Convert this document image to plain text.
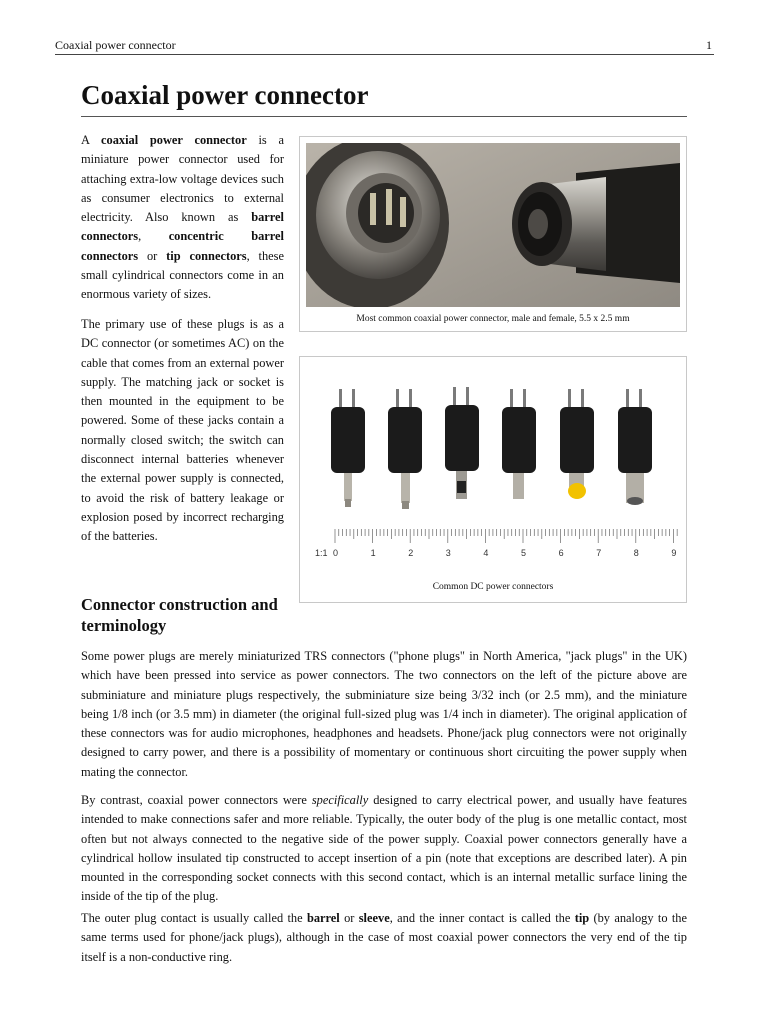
Coaxial power connector	1
Coaxial power connector

A coaxial power connector is a miniature power connector used for attaching extra-low voltage devices such as consumer electronics to external electricity. Also known as barrel connectors, concentric barrel connectors or tip connectors, these small cylindrical connectors come in an enormous variety of sizes.

The primary use of these plugs is as a DC connector (or sometimes AC) on the cable that comes from an external power supply. The matching jack or socket is then mounted in the equipment to be powered. Some of these jacks contain a normally closed switch; the switch can disconnect internal batteries whenever the external power supply is connected, to avoid the risk of battery leakage or explosion posed by incorrect recharging of the batteries.

Most common coaxial power connector, male and female, 5.5 x 2.5 mm
1:1 0	1	2	3	4	5	6	7	8	9
Common DC power connectors
Connector construction and terminology

Some power plugs are merely miniaturized TRS connectors ("phone plugs" in North America, "jack plugs" in the UK) which have been pressed into service as power connectors. The two connectors on the left of the picture above are subminiature and miniature plugs respectively, the subminiature size being 3/32 inch (or 2.5 mm), and the miniature being 1/8 inch (or 3.5 mm) in diameter (the original full-sized plug was 1/4 inch in diameter). The original application of these connectors was for audio microphones, headphones and headsets. Phone/jack plug connectors were not originally designed to carry power, and there is a possibility of momentary or continuous short circuiting the power supply when mating the connector.

By contrast, coaxial power connectors were specifically designed to carry electrical power, and usually have features intended to make connections safer and more reliable. Typically, the outer body of the plug is one metallic contact, most often but not always connected to the negative side of the power supply. Coaxial power connectors generally have a cylindrical hollow insulated tip constructed to accept insertion of a pin (note that exceptions are described later). A pin mounted in the corresponding socket connects with this second contact, which is an internal metallic surface lining the inside of the tip of the plug.

The outer plug contact is usually called the barrel or sleeve, and the inner contact is called the tip (by analogy to the same terms used for phone/jack plugs), although in the case of most coaxial power connectors the very end of the tip itself is a non-conductive ring.
